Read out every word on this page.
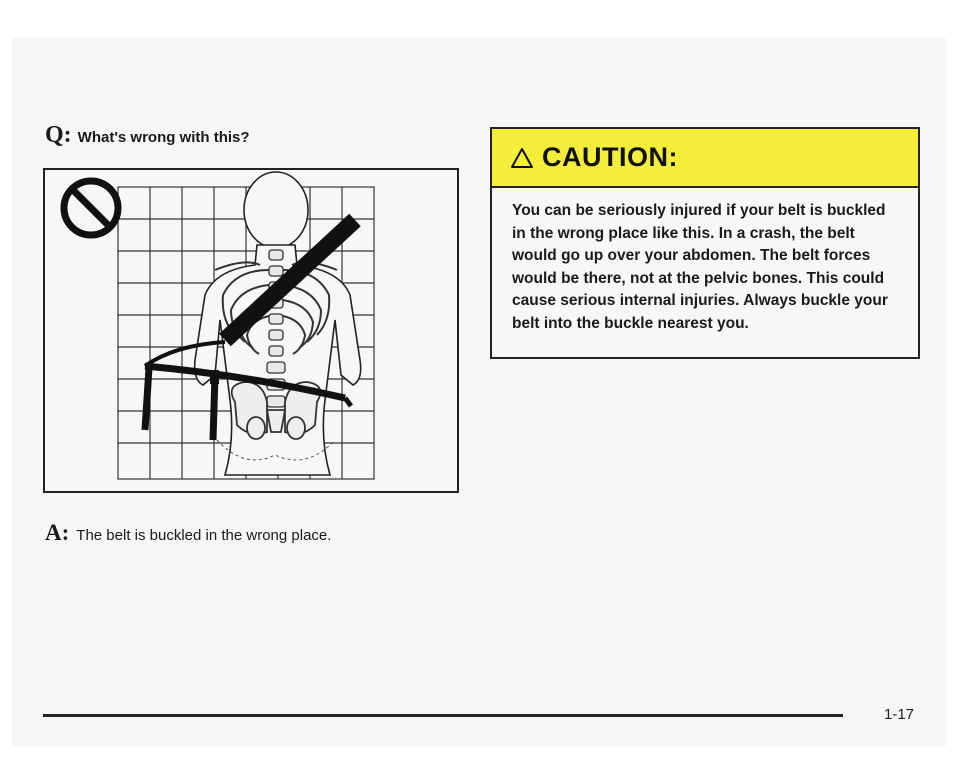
Q: What's wrong with this?
A: The belt is buckled in the wrong place.
CAUTION:
You can be seriously injured if your belt is buckled in the wrong place like this. In a crash, the belt would go up over your abdomen. The belt forces would be there, not at the pelvic bones. This could cause serious internal injuries. Always buckle your belt into the buckle nearest you.
1-17
